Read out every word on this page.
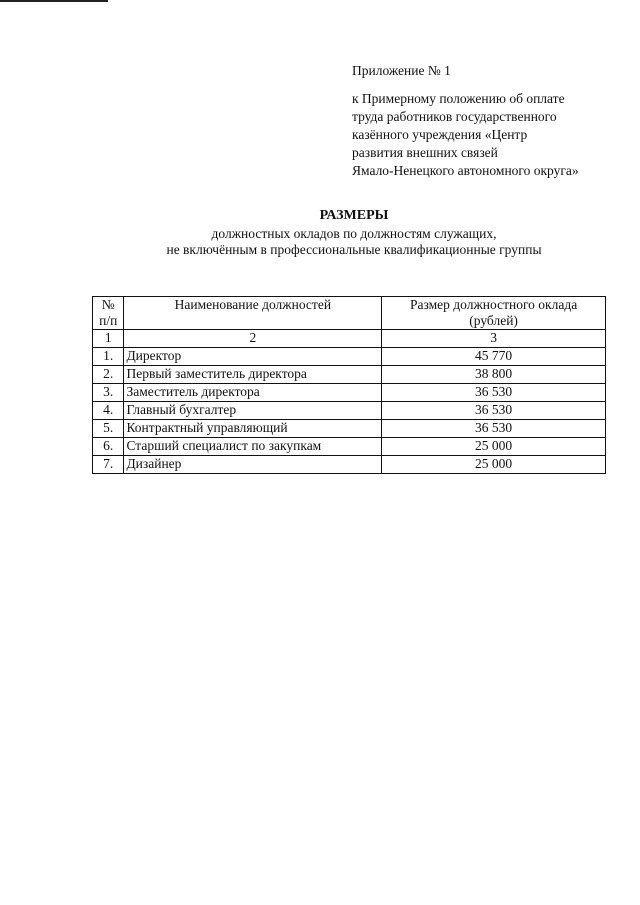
Приложение № 1
к Примерному положению об оплате
труда работников государственного
казённого учреждения «Центр
развития внешних связей
Ямало-Ненецкого автономного округа»
РАЗМЕРЫ
должностных окладов по должностям служащих,
не включённым в профессиональные квалификационные группы
№ п/п	Наименование должностей	Размер должностного оклада (рублей)
1	2	3
1.	Директор	45 770
2.	Первый заместитель директора	38 800
3.	Заместитель директора	36 530
4.	Главный бухгалтер	36 530
5.	Контрактный управляющий	36 530
6.	Старший специалист по закупкам	25 000
7.	Дизайнер	25 000
